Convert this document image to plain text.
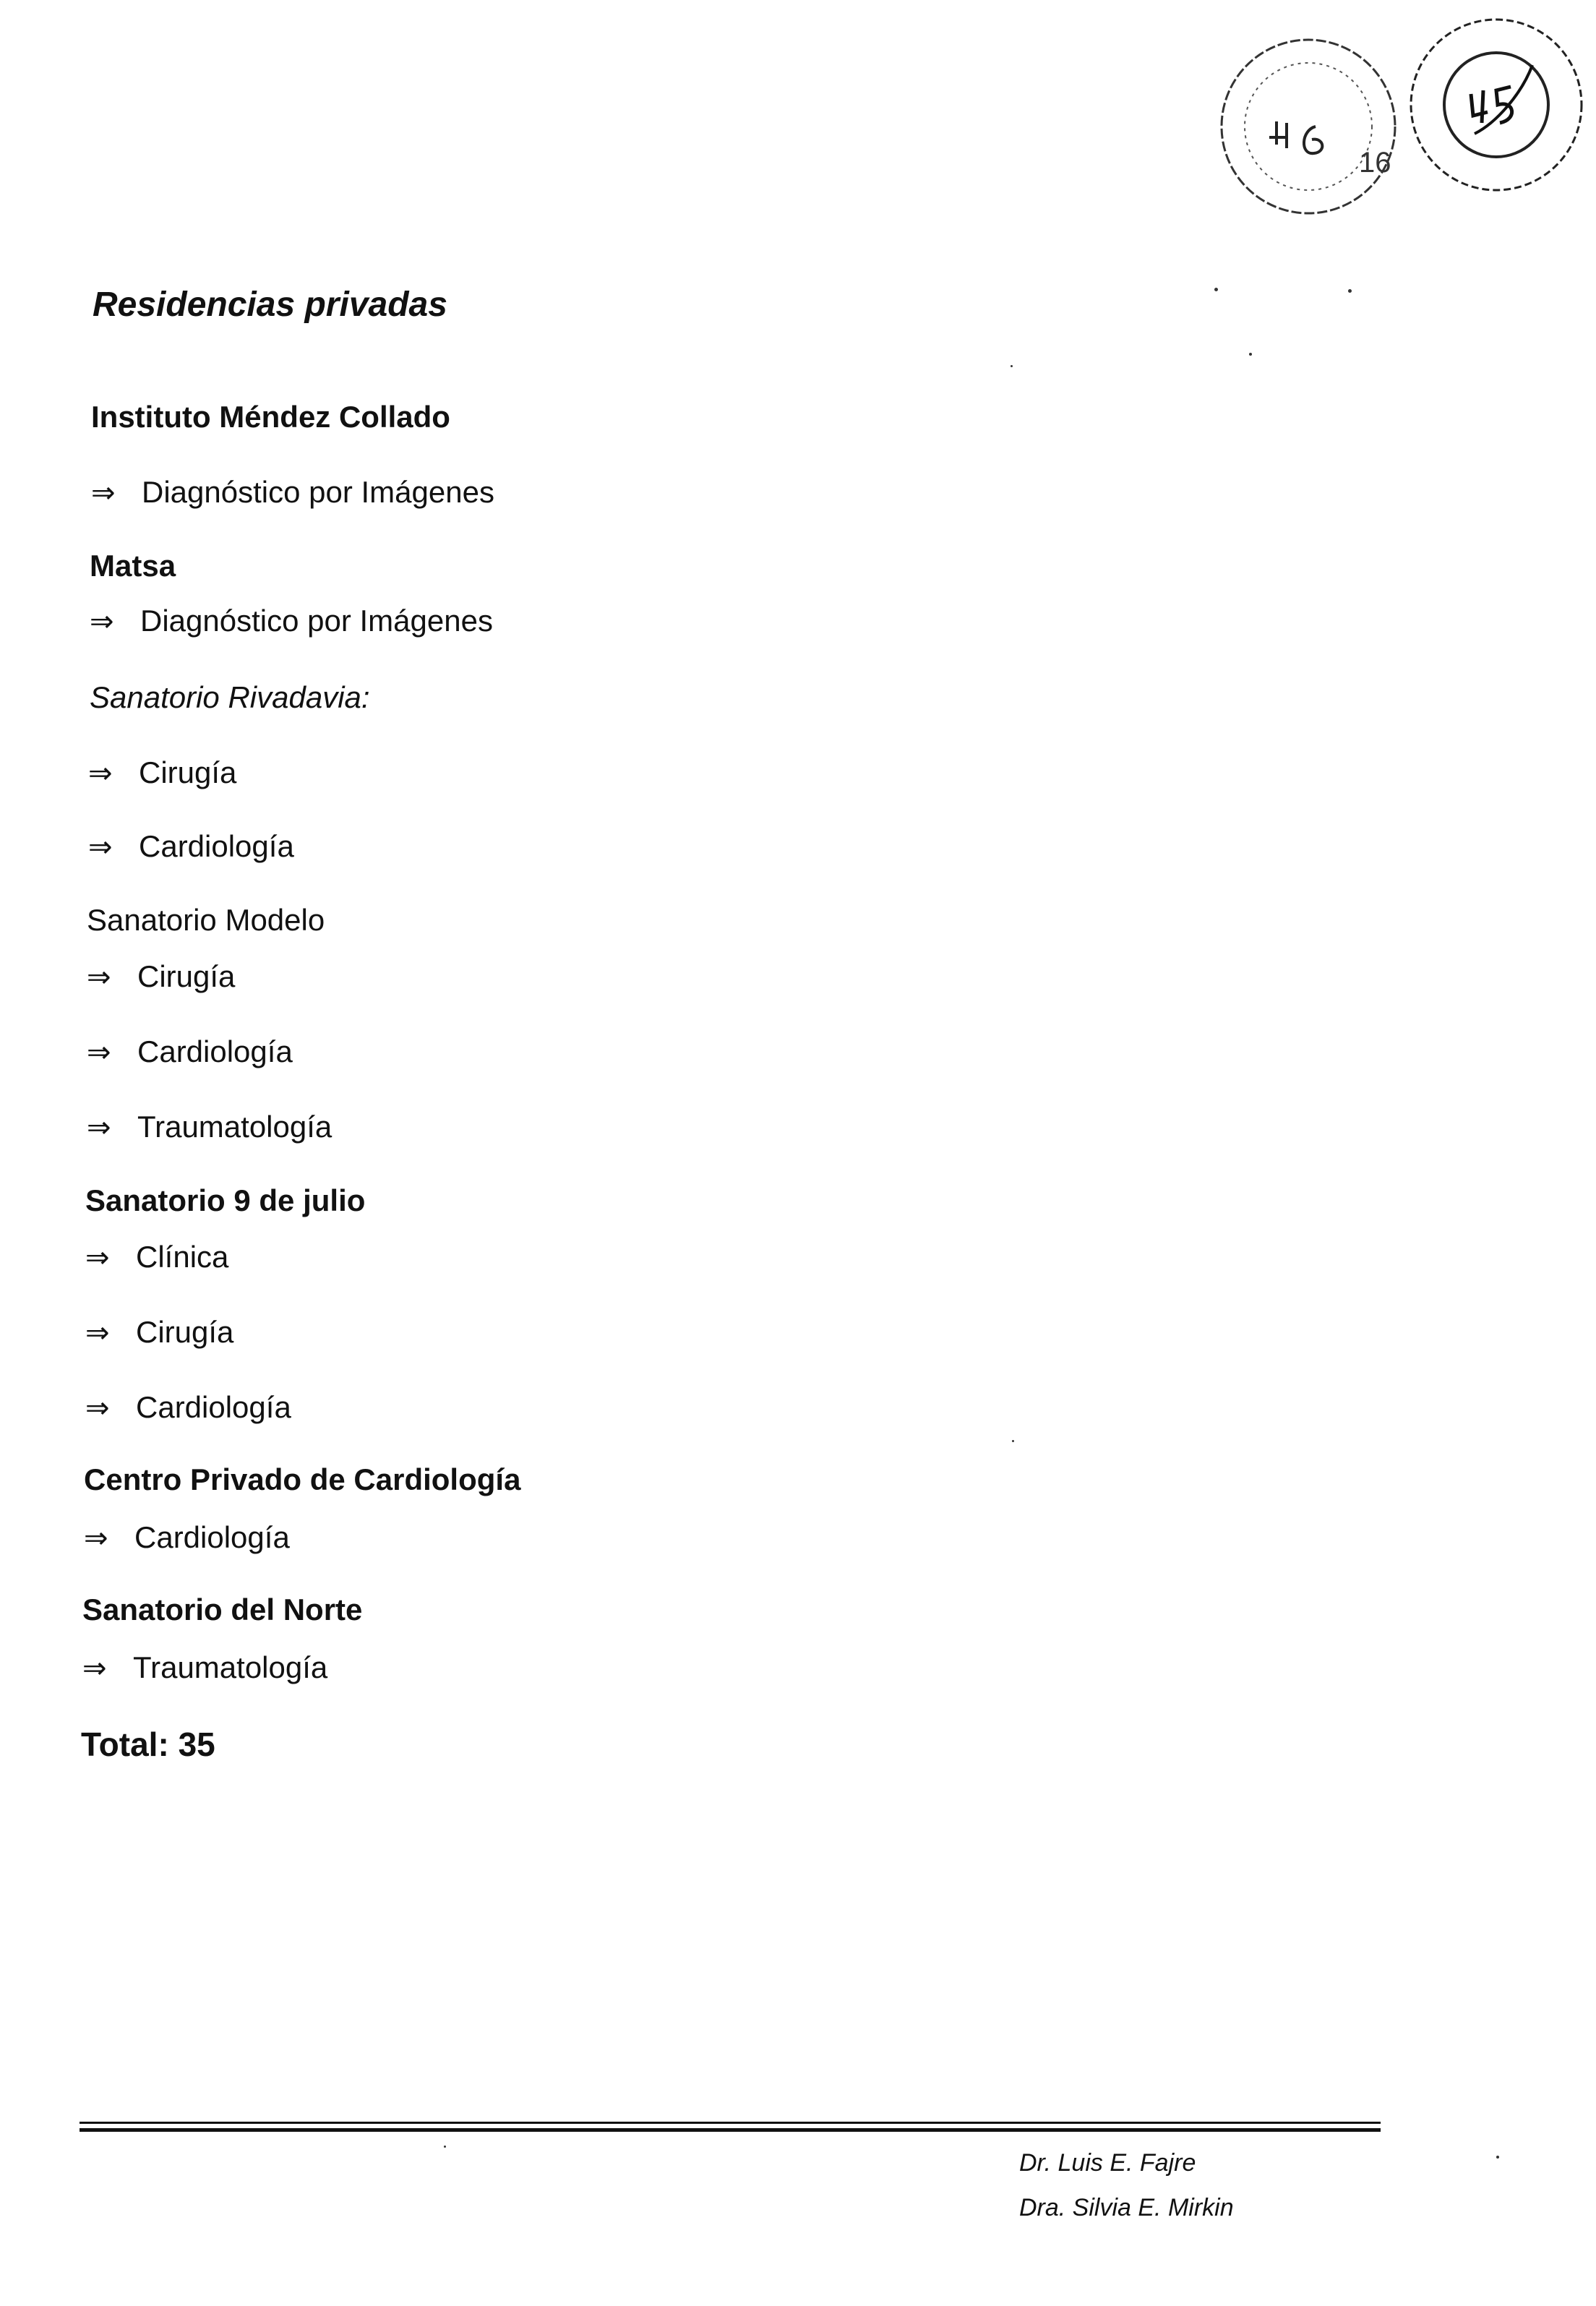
16
Residencias privadas
Instituto Méndez Collado
⇒ Diagnóstico por Imágenes
Matsa
⇒ Diagnóstico por Imágenes
Sanatorio Rivadavia:
⇒ Cirugía
⇒ Cardiología
Sanatorio Modelo
⇒ Cirugía
⇒ Cardiología
⇒ Traumatología
Sanatorio 9 de julio
⇒ Clínica
⇒ Cirugía
⇒ Cardiología
Centro Privado de Cardiología
⇒ Cardiología
Sanatorio del Norte
⇒ Traumatología
Total: 35
Dr. Luis E. Fajre
Dra. Silvia E. Mirkin
